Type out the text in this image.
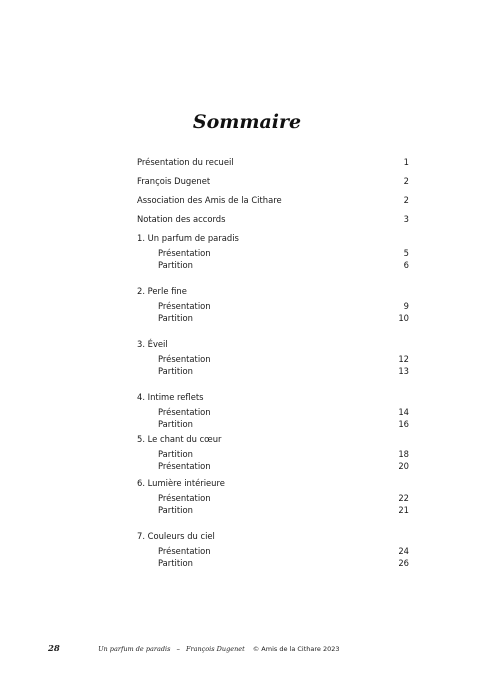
Sommaire
Présentation du recueil	1
François Dugenet	2
Association des Amis de la Cithare	2
Notation des accords	3
1. Un parfum de paradis
Présentation	5
Partition	6
2. Perle fine
Présentation	9
Partition	10
3. Éveil
Présentation	12
Partition	13
4. Intime reflets
Présentation	14
Partition	16
5. Le chant du cœur
Partition	18
Présentation	20
6. Lumière intérieure
Présentation	22
Partition	21
7. Couleurs du ciel
Présentation	24
Partition	26
28	Un parfum de paradis – François Dugenet © Amis de la Cithare 2023
